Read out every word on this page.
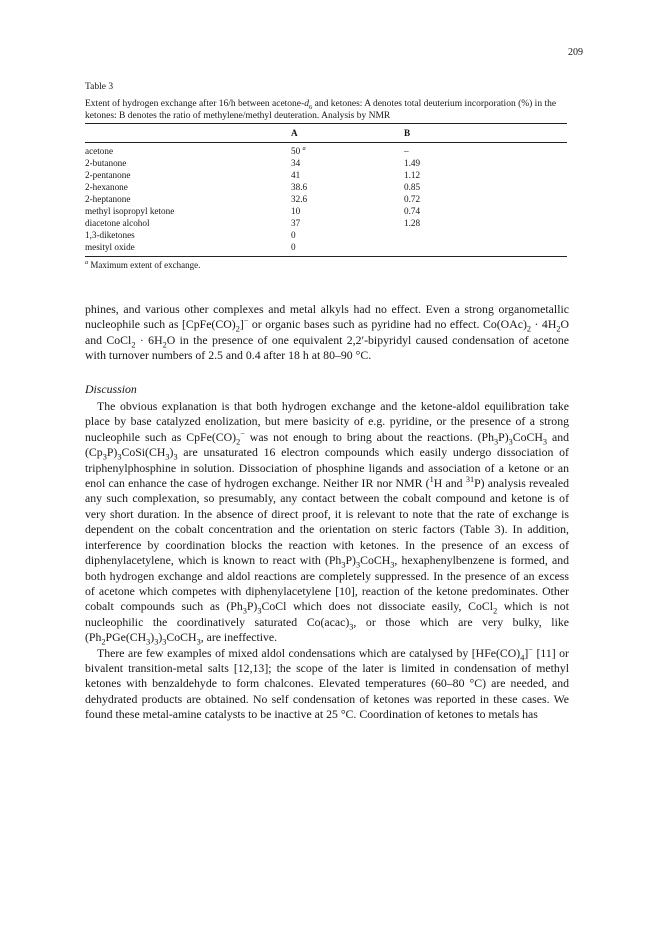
209

Table 3

Extent of hydrogen exchange after 16/h between acetone-$d_6$ and ketones: A denotes total deuterium incorporation (%) in the ketones: B denotes the ratio of methylene/methyl deuteration. Analysis by NMR

	A	B
acetone	50 $^a$	–
2-butanone	34	1.49
2-pentanone	41	1.12
2-hexanone	38.6	0.85
2-heptanone	32.6	0.72
methyl isopropyl ketone	10	0.74
diacetone alcohol	37	1.28
1,3-diketones	0	
mesityl oxide	0	
$^a$ Maximum extent of exchange.

phines, and various other complexes and metal alkyls had no effect. Even a strong organometallic nucleophile such as $[CpFe(CO)_2]^-$ or organic bases such as pyridine had no effect. $Co(OAc)_2 \cdot 4H_2O$ and CoCl$_2$ · $6H_2O$ in the presence of one equivalent 2,2′-bipyridyl caused condensation of acetone with turnover numbers of 2.5 and 0.4 after 18 h at 80–90 °C.

Discussion

The obvious explanation is that both hydrogen exchange and the ketone-aldol equilibration take place by base catalyzed enolization, but mere basicity of e.g. pyridine, or the presence of a strong nucleophile such as $CpFe(CO)_2^-$ was not enough to bring about the reactions. $(Ph_3P)_3CoCH_3$ and $(Cp_3P)_3CoSi(CH_3)_3$ are unsaturated 16 electron compounds which easily undergo dissociation of triphenylphosphine in solution. Dissociation of phosphine ligands and association of a ketone or an enol can enhance the case of hydrogen exchange. Neither IR nor NMR ($^1$H and $^{31}$P) analysis revealed any such complexation, so presumably, any contact between the cobalt compound and ketone is of very short duration. In the absence of direct proof, it is relevant to note that the rate of exchange is dependent on the cobalt concentration and the orientation on steric factors (Table 3). In addition, interference by coordination blocks the reaction with ketones. In the presence of an excess of diphenylacetylene, which is known to react with $(Ph_3P)_3CoCH_3$, hexaphenylbenzene is formed, and both hydrogen exchange and aldol reactions are completely suppressed. In the presence of an excess of acetone which competes with diphenylacetylene [10], reaction of the ketone predominates. Other cobalt compounds such as $(Ph_3P)_3CoCl$ which does not dissociate easily, CoCl$_2$ which is not nucleophilic the coordinatively saturated $Co(acac)_3$, or those which are very bulky, like $(Ph_2PGe(CH_3)_3)_3CoCH_3$, are ineffective.

There are few examples of mixed aldol condensations which are catalysed by $[HFe(CO)_4]^-$ [11] or bivalent transition-metal salts [12,13]; the scope of the later is limited in condensation of methyl ketones with benzaldehyde to form chalcones. Elevated temperatures (60–80 °C) are needed, and dehydrated products are obtained. No self condensation of ketones was reported in these cases. We found these metal-amine catalysts to be inactive at 25 °C. Coordination of ketones to metals has
